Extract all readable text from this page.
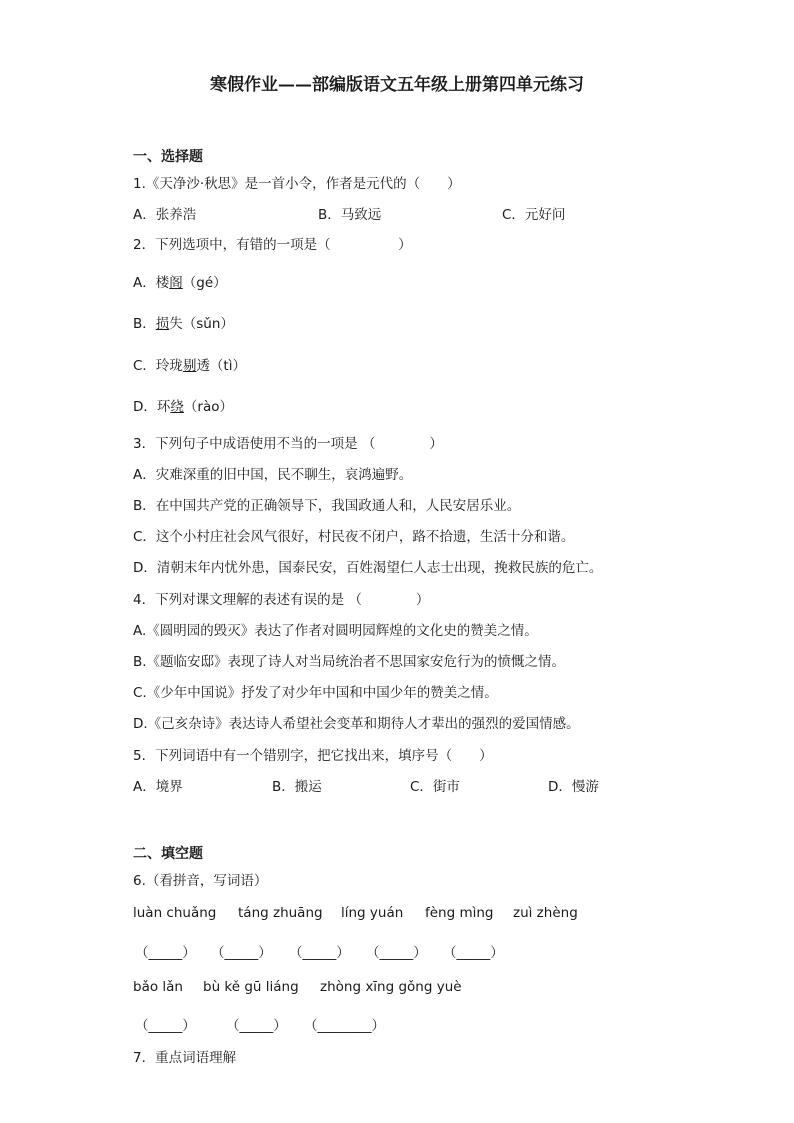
寒假作业——部编版语文五年级上册第四单元练习
一、选择题
1.《天净沙·秋思》是一首小令，作者是元代的（　　）
A．张养浩	B．马致远	C．元好问
2．下列选项中，有错的一项是（　　　　　）
A．楼阁（gé）
B．损失（sǔn）
C．玲珑剔透（tì）
D．环绕（rào）
3．下列句子中成语使用不当的一项是 （　　　　）
A．灾难深重的旧中国，民不聊生，哀鸿遍野。
B．在中国共产党的正确领导下，我国政通人和，人民安居乐业。
C．这个小村庄社会风气很好，村民夜不闭户，路不拾遗，生活十分和谐。
D．清朝末年内忧外患，国泰民安，百姓渴望仁人志士出现，挽救民族的危亡。
4．下列对课文理解的表述有误的是 （　　　　）
A.《圆明园的毁灭》表达了作者对圆明园辉煌的文化史的赞美之情。
B.《题临安邸》表现了诗人对当局统治者不思国家安危行为的愤慨之情。
C.《少年中国说》抒发了对少年中国和中国少年的赞美之情。
D.《己亥杂诗》表达诗人希望社会变革和期待人才辈出的强烈的爱国情感。
5．下列词语中有一个错别字，把它找出来，填序号（　　）
A．境界	B．搬运	C．街市	D．慢游
二、填空题
6.（看拼音，写词语）
luàn chuǎng táng zhuāng líng yuán fèng mìng zuì zhèng
（_____） （_____） （_____） （_____） （_____）
bǎo lǎn bù kě gū liáng zhòng xīng gǒng yuè
（_____） （_____） （________）
7．重点词语理解
